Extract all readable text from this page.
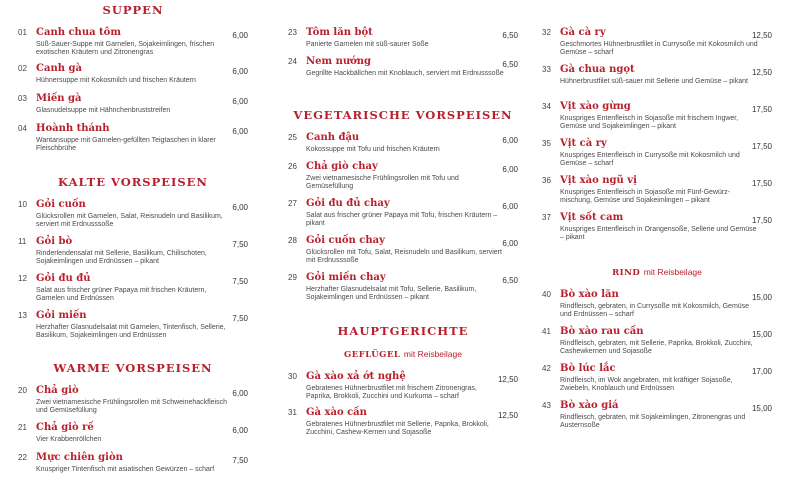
SUPPEN
01 Canh chua tôm	6,00
Süß-Sauer-Suppe mit Garnelen, Sojakeimlingen, frischen exotischen Kräutern und Zitronengras
02 Canh gà	6,00
Hühnersuppe mit Kokosmilch und frischen Kräutern
03 Miến gà	6,00
Glasnudelsuppe mit Hähnchenbruststreifen
04 Hoành thánh	6,00
Wantansuppe mit Garnelen-gefüllten Teigtaschen in klarer Fleischbrühe
KALTE VORSPEISEN
10 Gỏi cuốn	6,00
Glücksrollen mit Garnelen, Salat, Reisnudeln und Basilikum, serviert mit Erdnusssoße
11 Gỏi bò	7,50
Rinderlendensalat mit Sellerie, Basilikum, Chilischoten, Sojakeimlingen und Erdnüssen – pikant
12 Gỏi đu đủ	7,50
Salat aus frischer grüner Papaya mit frischen Kräutern, Garnelen und Erdnüssen
13 Gỏi miến	7,50
Herzhafter Glasnudelsalat mit Garnelen, Tintenfisch, Sellerie, Basilikum, Sojakeimlingen und Erdnüssen
WARME VORSPEISEN
20 Chả giò	6,00
Zwei vietnamesische Frühlingsrollen mit Schweinehackfleisch und Gemüsefüllung
21 Chả giò rế	6,00
Vier Krabbenröllchen
22 Mực chiên giòn	7,50
Knuspriger Tintenfisch mit asiatischen Gewürzen – scharf
23 Tôm lăn bột	6,50
Panierte Garnelen mit süß-saurer Soße
24 Nem nướng	6,50
Gegrillte Hackbällchen mit Knoblauch, serviert mit Erdnusssoße
VEGETARISCHE VORSPEISEN
25 Canh đậu	6,00
Kokossuppe mit Tofu und frischen Kräutern
26 Chả giò chay	6,00
Zwei vietnamesische Frühlingsrollen mit Tofu und Gemüsefüllung
27 Gỏi đu đủ chay	6,00
Salat aus frischer grüner Papaya mit Tofu, frischen Kräutern – pikant
28 Gỏi cuốn chay	6,00
Glücksrollen mit Tofu, Salat, Reisnudeln und Basilikum, serviert mit Erdnusssoße
29 Gỏi miến chay	6,50
Herzhafter Glasnudelsalat mit Tofu, Sellerie, Basilikum, Sojakeimlingen und Erdnüssen – pikant
HAUPTGERICHTE
GEFLÜGEL mit Reisbeilage
30 Gà xào xả ớt nghệ	12,50
Gebratenes Hühnerbrustfilet mit frischem Zitronengras, Paprika, Brokkoli, Zucchini und Kurkuma – scharf
31 Gà xào cần	12,50
Gebratenes Hühnerbrustfilet mit Sellerie, Paprika, Brokkoli, Zucchini, Cashew-Kernen und Sojasoße
32 Gà cà ry	12,50
Geschmortes Hühnerbrustfilet in Currysoße mit Kokosmilch und Gemüse – scharf
33 Gà chua ngọt	12,50
Hühnerbrustfilet süß-sauer mit Sellerie und Gemüse – pikant
34 Vịt xào gừng	17,50
Knuspriges Entenfleisch in Sojasoße mit frischem Ingwer, Gemüse und Sojakeimlingen – pikant
35 Vịt cà ry	17,50
Knuspriges Entenfleisch in Currysoße mit Kokosmilch und Gemüse – scharf
36 Vịt xào ngũ vị	17,50
Knuspriges Entenfleisch in Sojasoße mit Fünf-Gewürz-mischung, Gemüse und Sojakeimlingen – pikant
37 Vịt sốt cam	17,50
Knuspriges Entenfleisch in Orangensoße, Sellerie und Gemüse – pikant
RIND mit Reisbeilage
40 Bò xào lăn	15,00
Rindfleisch, gebraten, in Currysoße mit Kokosmilch, Gemüse und Erdnüssen – scharf
41 Bò xào rau cần	15,00
Rindfleisch, gebraten, mit Sellerie, Paprika, Brokkoli, Zucchini, Cashewkernen und Sojasoße
42 Bò lúc lắc	17,00
Rindfleisch, im Wok angebraten, mit kräftiger Sojasoße, Zwiebeln, Knoblauch und Erdnüssen
43 Bò xào giá	15,00
Rindfleisch, gebraten, mit Sojakeimlingen, Zitronengras und Austernsoße
